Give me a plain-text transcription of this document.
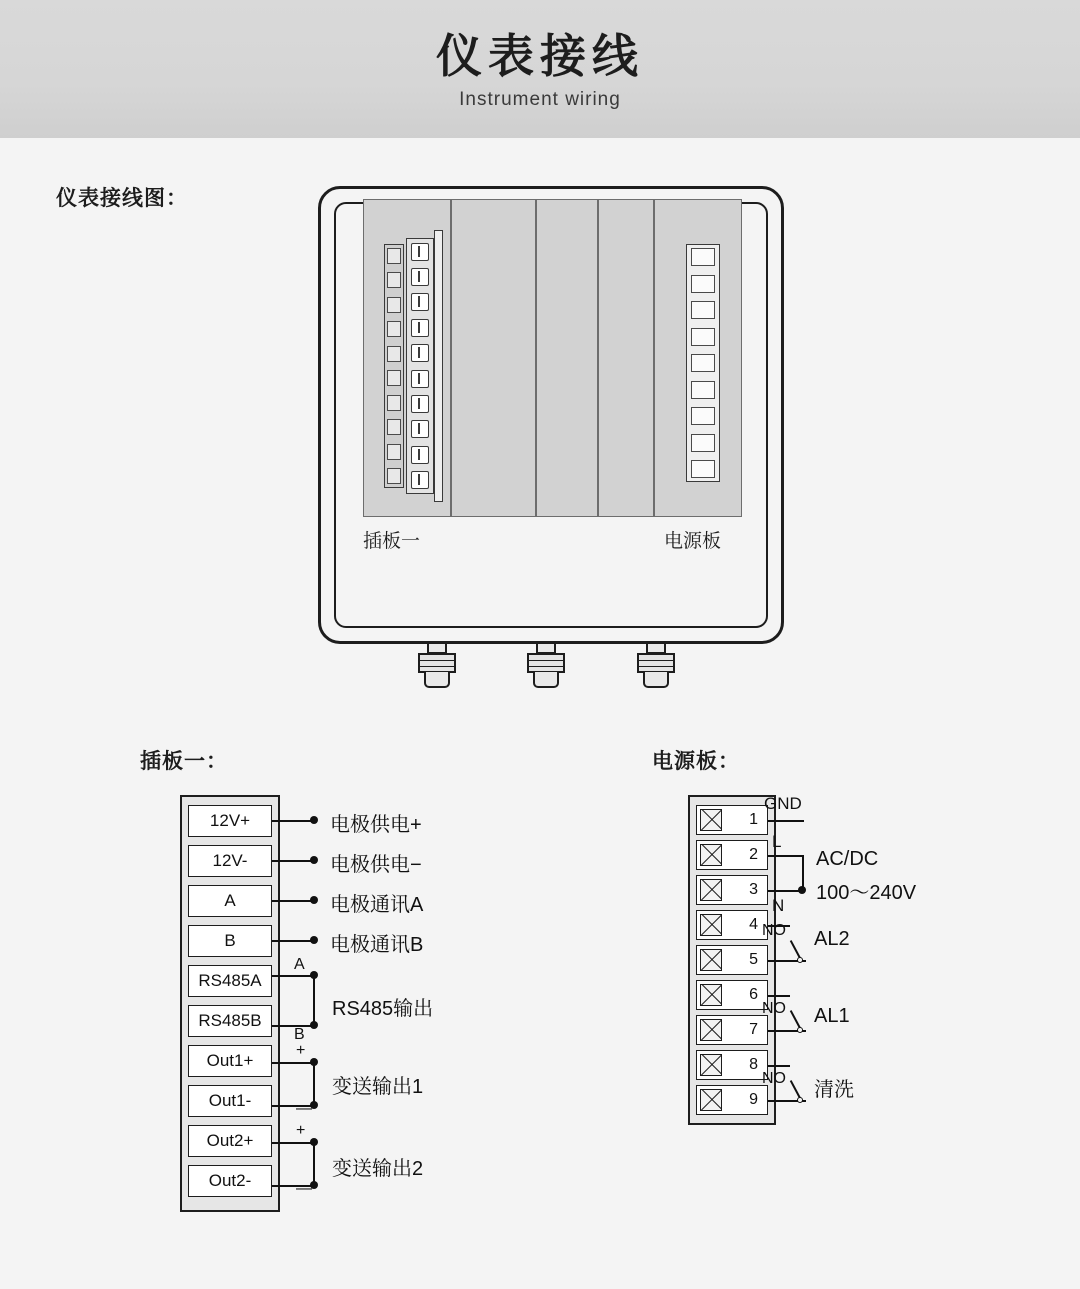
仪表接线
Instrument wiring
仪表接线图：
插板一：	电源板：
插板一	电源板
12V+
12V-
A
B
RS485A
RS485B
Out1+
Out1-
Out2+
Out2-
电极供电+
电极供电−
电极通讯A
电极通讯B
A
B
RS485输出
+
—
变送输出1
+
—
变送输出2
1
2
3
4
5
6
7
8
9
GND
L
N
AC/DC
100～240V
NO AL2
NO AL1
NO
清洗
